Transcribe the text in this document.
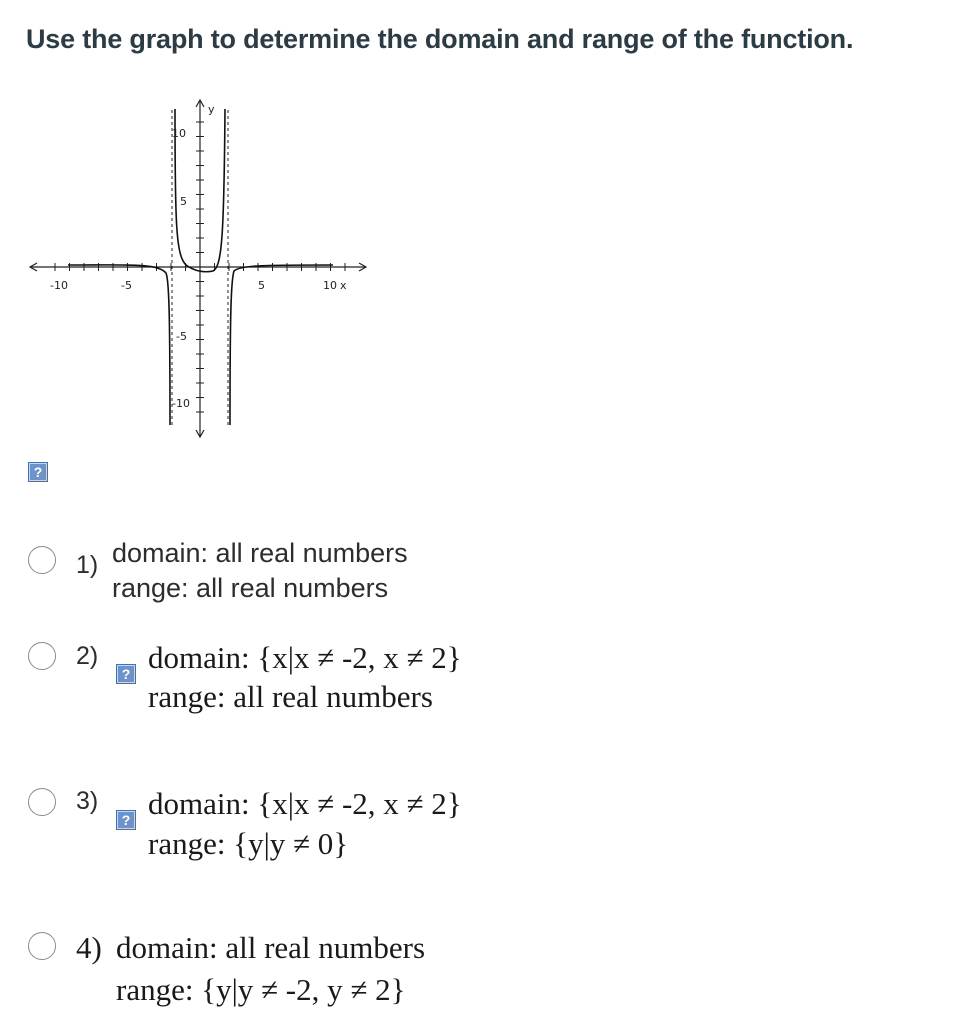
Use the graph to determine the domain and range of the function.
-10	-5	5	10 x
10
5
-5
-10
y
?
1) domain: all real numbers
range: all real numbers
2)
? domain: {x|x ≠ -2, x ≠ 2}
range: all real numbers
3)
? domain: {x|x ≠ -2, x ≠ 2}
range: {y|y ≠ 0}
4) domain: all real numbers
range: {y|y ≠ -2, y ≠ 2}
